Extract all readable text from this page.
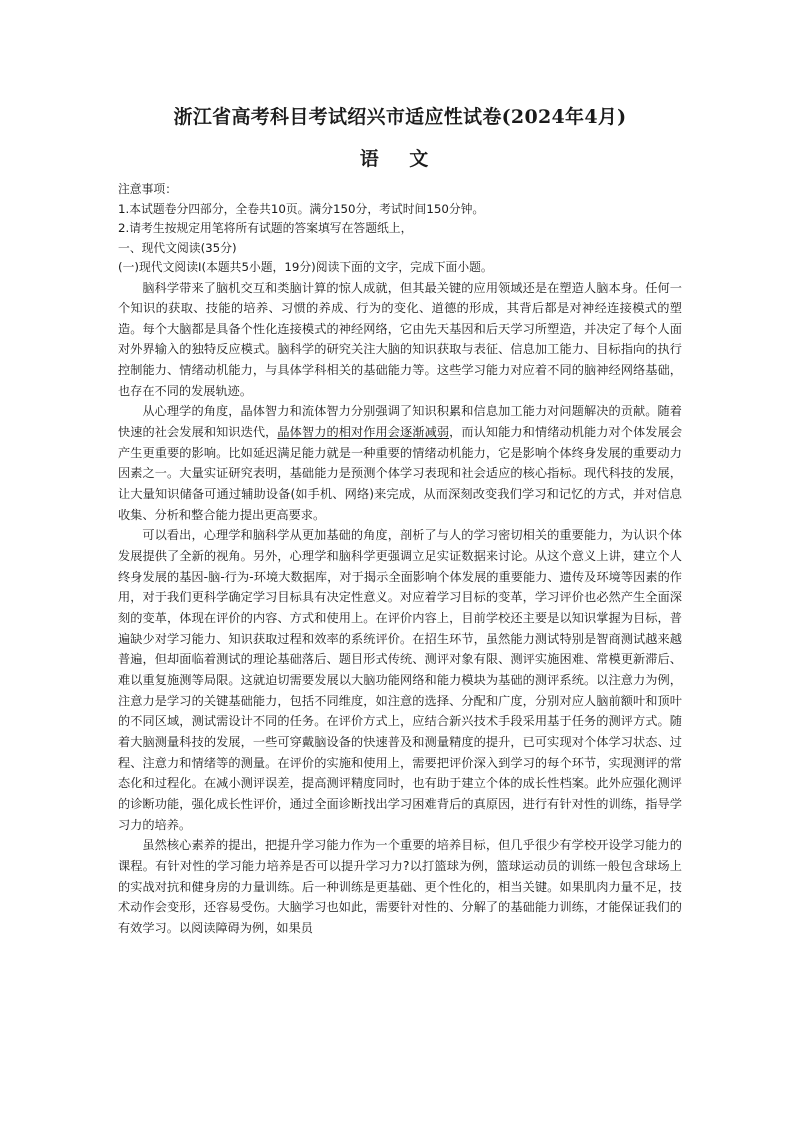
浙江省高考科目考试绍兴市适应性试卷(2024年4月)
语 文
注意事项：
1.本试题卷分四部分，全卷共10页。满分150分，考试时间150分钟。
2.请考生按规定用笔将所有试题的答案填写在答题纸上，
一、现代文阅读(35分)
(一)现代文阅读Ⅰ(本题共5小题，19分)阅读下面的文字，完成下面小题。

脑科学带来了脑机交互和类脑计算的惊人成就，但其最关键的应用领域还是在塑造人脑本身。任何一个知识的获取、技能的培养、习惯的养成、行为的变化、道德的形成，其背后都是对神经连接模式的塑造。每个大脑都是具备个性化连接模式的神经网络，它由先天基因和后天学习所塑造，并决定了每个人面对外界输入的独特反应模式。脑科学的研究关注大脑的知识获取与表征、信息加工能力、目标指向的执行控制能力、情绪动机能力，与具体学科相关的基础能力等。这些学习能力对应着不同的脑神经网络基础，也存在不同的发展轨迹。

从心理学的角度，晶体智力和流体智力分别强调了知识积累和信息加工能力对问题解决的贡献。随着快速的社会发展和知识迭代，晶体智力的相对作用会逐渐减弱，而认知能力和情绪动机能力对个体发展会产生更重要的影响。比如延迟满足能力就是一种重要的情绪动机能力，它是影响个体终身发展的重要动力因素之一。大量实证研究表明，基础能力是预测个体学习表现和社会适应的核心指标。现代科技的发展，让大量知识储备可通过辅助设备(如手机、网络)来完成，从而深刻改变我们学习和记忆的方式，并对信息收集、分析和整合能力提出更高要求。

可以看出，心理学和脑科学从更加基础的角度，剖析了与人的学习密切相关的重要能力，为认识个体发展提供了全新的视角。另外，心理学和脑科学更强调立足实证数据来讨论。从这个意义上讲，建立个人终身发展的基因-脑-行为-环境大数据库，对于揭示全面影响个体发展的重要能力、遗传及环境等因素的作用，对于我们更科学确定学习目标具有决定性意义。对应着学习目标的变革，学习评价也必然产生全面深刻的变革，体现在评价的内容、方式和使用上。在评价内容上，目前学校还主要是以知识掌握为目标，普遍缺少对学习能力、知识获取过程和效率的系统评价。在招生环节，虽然能力测试特别是智商测试越来越普遍，但却面临着测试的理论基础落后、题目形式传统、测评对象有限、测评实施困难、常模更新滞后、难以重复施测等局限。这就迫切需要发展以大脑功能网络和能力模块为基础的测评系统。以注意力为例，注意力是学习的关键基础能力，包括不同维度，如注意的选择、分配和广度，分别对应人脑前额叶和顶叶的不同区域，测试需设计不同的任务。在评价方式上，应结合新兴技术手段采用基于任务的测评方式。随着大脑测量科技的发展，一些可穿戴脑设备的快速普及和测量精度的提升，已可实现对个体学习状态、过程、注意力和情绪等的测量。在评价的实施和使用上，需要把评价深入到学习的每个环节，实现测评的常态化和过程化。在减小测评误差，提高测评精度同时，也有助于建立个体的成长性档案。此外应强化测评的诊断功能，强化成长性评价，通过全面诊断找出学习困难背后的真原因，进行有针对性的训练，指导学习力的培养。

虽然核心素养的提出，把提升学习能力作为一个重要的培养目标，但几乎很少有学校开设学习能力的课程。有针对性的学习能力培养是否可以提升学习力?以打篮球为例，篮球运动员的训练一般包含球场上的实战对抗和健身房的力量训练。后一种训练是更基础、更个性化的，相当关键。如果肌肉力量不足，技术动作会变形，还容易受伤。大脑学习也如此，需要针对性的、分解了的基础能力训练，才能保证我们的有效学习。以阅读障碍为例，如果员
